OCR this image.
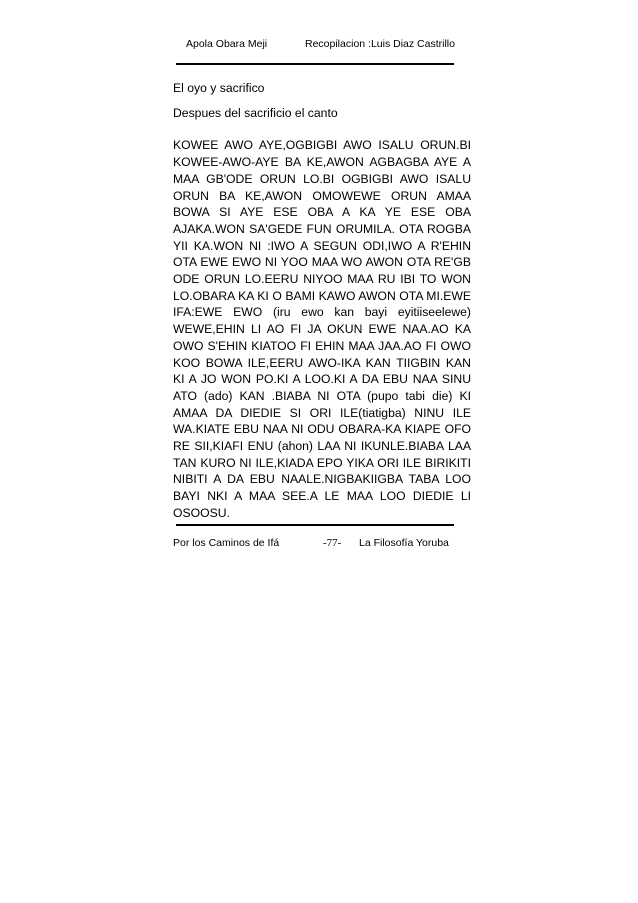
Apola Obara Meji	Recopilacion :Luis Diaz Castrillo

El oyo y sacrifico

Despues del sacrificio el canto

KOWEE AWO AYE,OGBIGBI AWO ISALU ORUN.BI KOWEE-AWO-AYE BA KE,AWON AGBAGBA AYE A MAA GB'ODE ORUN LO.BI OGBIGBI AWO ISALU ORUN BA KE,AWON OMOWEWE ORUN AMAA BOWA SI AYE ESE OBA A KA YE ESE OBA AJAKA.WON SA'GEDE FUN ORUMILA. OTA ROGBA YII KA.WON NI :IWO A SEGUN ODI,IWO A R'EHIN OTA EWE EWO NI YOO MAA WO AWON OTA RE'GB ODE ORUN LO.EERU NIYOO MAA RU IBI TO WON LO.OBARA KA KI O BAMI KAWO AWON OTA MI.EWE IFA:EWE EWO (iru ewo kan bayi eyitiiseelewe) WEWE,EHIN LI AO FI JA OKUN EWE NAA.AO KA OWO S'EHIN KIATOO FI EHIN MAA JAA.AO FI OWO KOO BOWA ILE,EERU AWO-IKA KAN TIIGBIN KAN KI A JO WON PO.KI A LOO.KI A DA EBU NAA SINU ATO (ado) KAN .BIABA NI OTA (pupo tabi die) KI AMAA DA DIEDIE SI ORI ILE(tiatigba) NINU ILE WA.KIATE EBU NAA NI ODU OBARA-KA KIAPE OFO RE SII,KIAFI ENU (ahon) LAA NI IKUNLE.BIABA LAA TAN KURO NI ILE,KIADA EPO YIKA ORI ILE BIRIKITI NIBITI A DA EBU NAALE.NIGBAKIIGBA TABA LOO BAYI NKI A MAA SEE.A LE MAA LOO DIEDIE LI OSOOSU.

Por los Caminos de Ifá	-77- La Filosofía Yoruba
